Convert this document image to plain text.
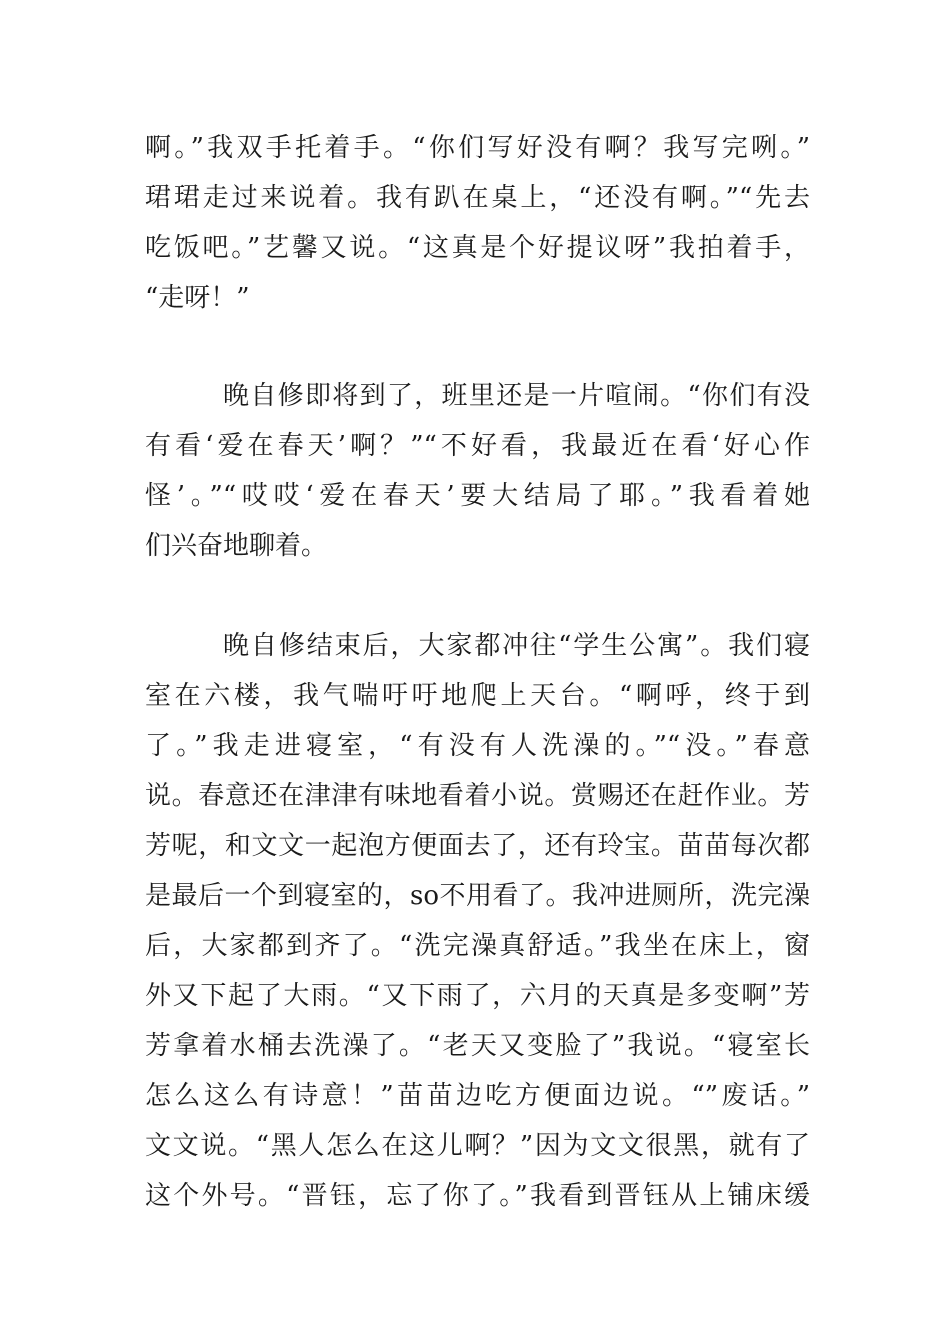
啊。”我双手托着手。“你们写好没有啊？我写完咧。”
珺珺走过来说着。我有趴在桌上，“还没有啊。”“先去
吃饭吧。”艺馨又说。“这真是个好提议呀”我拍着手，
“走呀！”
晚自修即将到了，班里还是一片喧闹。“你们有没
有看‘爱在春天’啊？”“不好看，我最近在看‘好心作
怪’。”“哎哎‘爱在春天’要大结局了耶。”我看着她
们兴奋地聊着。
晚自修结束后，大家都冲往“学生公寓”。我们寝
室在六楼，我气喘吁吁地爬上天台。“啊呼，终于到
了。”我走进寝室，“有没有人洗澡的。”“没。”春意
说。春意还在津津有味地看着小说。赏赐还在赶作业。芳
芳呢，和文文一起泡方便面去了，还有玲宝。苗苗每次都
是最后一个到寝室的，so不用看了。我冲进厕所，洗完澡
后，大家都到齐了。“洗完澡真舒适。”我坐在床上，窗
外又下起了大雨。“又下雨了，六月的天真是多变啊”芳
芳拿着水桶去洗澡了。“老天又变脸了”我说。“寝室长
怎么这么有诗意！”苗苗边吃方便面边说。“”废话。”
文文说。“黑人怎么在这儿啊？”因为文文很黑，就有了
这个外号。“晋钰，忘了你了。”我看到晋钰从上铺床缓
